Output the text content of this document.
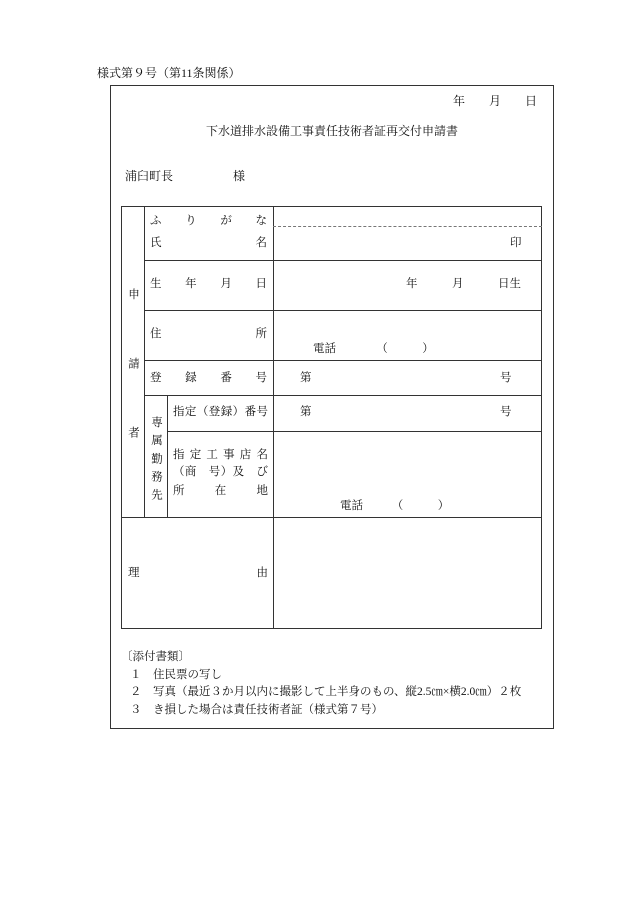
様式第９号（第11条関係）
年　　月　　日
下水道排水設備工事責任技術者証再交付申請書
浦臼町長　　　　　様
申請者
ふ　り　が　な
氏　　　　名	印
生　年　月　日	年　　　月　　　日生
住　　　　所
電話　　　　（　　　）
登　録　番　号	第	号
専属勤務先
指定（登録）番号	第	号
指定工事店名
（商　号）及　び
所　　在　　地
電話　　　（　　　）
理　由
〔添付書類〕
１　住民票の写し
２　写真（最近３か月以内に撮影して上半身のもの、縦2.5㎝×横2.0㎝）２枚
３　き損した場合は責任技術者証（様式第７号）
